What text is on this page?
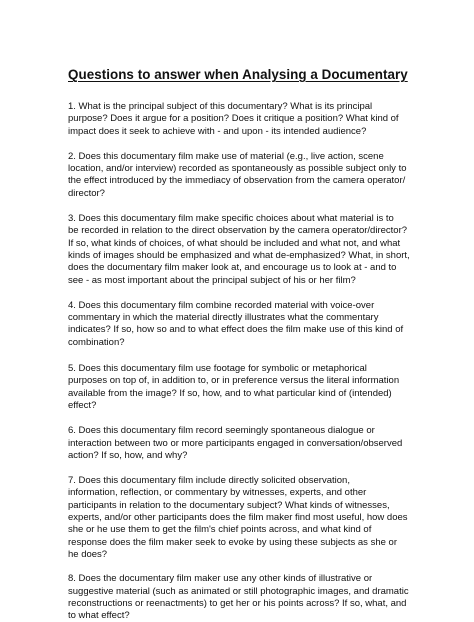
Questions to answer when Analysing a Documentary
1. What is the principal subject of this documentary? What is its principal
purpose? Does it argue for a position? Does it critique a position? What kind of
impact does it seek to achieve with - and upon - its intended audience?
2. Does this documentary film make use of material (e.g., live action, scene
location, and/or interview) recorded as spontaneously as possible subject only to
the effect introduced by the immediacy of observation from the camera operator/
director?
3. Does this documentary film make specific choices about what material is to
be recorded in relation to the direct observation by the camera operator/director?
If so, what kinds of choices, of what should be included and what not, and what
kinds of images should be emphasized and what de-emphasized? What, in short,
does the documentary film maker look at, and encourage us to look at - and to
see - as most important about the principal subject of his or her film?
4. Does this documentary film combine recorded material with voice-over
commentary in which the material directly illustrates what the commentary
indicates? If so, how so and to what effect does the film make use of this kind of
combination?
5. Does this documentary film use footage for symbolic or metaphorical
purposes on top of, in addition to, or in preference versus the literal information
available from the image? If so, how, and to what particular kind of (intended)
effect?
6. Does this documentary film record seemingly spontaneous dialogue or
interaction between two or more participants engaged in conversation/observed
action? If so, how, and why?
7. Does this documentary film include directly solicited observation,
information, reflection, or commentary by witnesses, experts, and other
participants in relation to the documentary subject? What kinds of witnesses,
experts, and/or other participants does the film maker find most useful, how does
she or he use them to get the film's chief points across, and what kind of
response does the film maker seek to evoke by using these subjects as she or
he does?
8. Does the documentary film maker use any other kinds of illustrative or
suggestive material (such as animated or still photographic images, and dramatic
reconstructions or reenactments) to get her or his points across? If so, what, and
to what effect?
